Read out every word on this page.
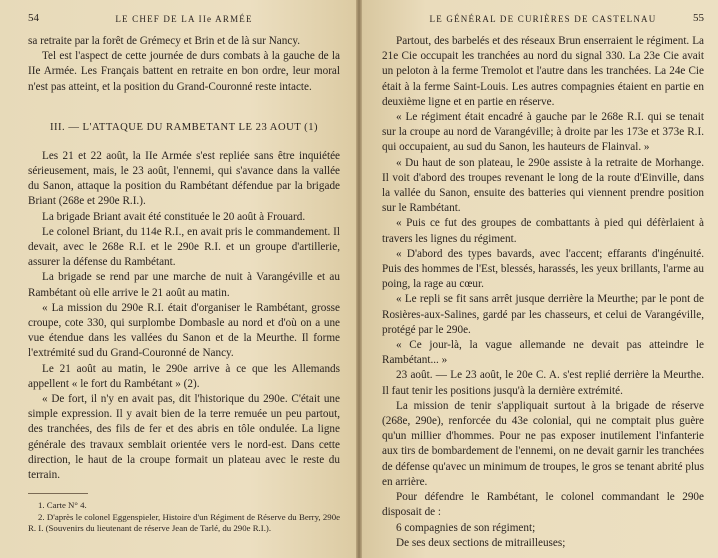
54	LE CHEF DE LA IIe ARMÉE

sa retraite par la forêt de Grémecy et Brin et de là sur Nancy.

Tel est l'aspect de cette journée de durs combats à la gauche de la IIe Armée. Les Français battent en retraite en bon ordre, leur moral n'est pas atteint, et la position du Grand-Couronné reste intacte.

III. — L'ATTAQUE DU RAMBETANT LE 23 AOUT (1)

Les 21 et 22 août, la IIe Armée s'est repliée sans être inquiétée sérieusement, mais, le 23 août, l'ennemi, qui s'avance dans la vallée du Sanon, attaque la position du Rambétant défendue par la brigade Briant (268e et 290e R.I.).

La brigade Briant avait été constituée le 20 août à Frouard.

Le colonel Briant, du 114e R.I., en avait pris le commandement. Il devait, avec le 268e R.I. et le 290e R.I. et un groupe d'artillerie, assurer la défense du Rambétant.

La brigade se rend par une marche de nuit à Varangéville et au Rambétant où elle arrive le 21 août au matin.

« La mission du 290e R.I. était d'organiser le Rambétant, grosse croupe, cote 330, qui surplombe Dombasle au nord et d'où on a une vue étendue dans les vallées du Sanon et de la Meurthe. Il forme l'extrémité sud du Grand-Couronné de Nancy.

Le 21 août au matin, le 290e arrive à ce que les Allemands appellent « le fort du Rambétant » (2).

« De fort, il n'y en avait pas, dit l'historique du 290e. C'était une simple expression. Il y avait bien de la terre remuée un peu partout, des tranchées, des fils de fer et des abris en tôle ondulée. La ligne générale des travaux semblait orientée vers le nord-est. Dans cette direction, le haut de la croupe formait un plateau avec le reste du terrain.

1. Carte N° 4.

2. D'après le colonel Eggenspieler, Histoire d'un Régiment de Réserve du Berry, 290e R. I. (Souvenirs du lieutenant de réserve Jean de Tarlé, du 290e R.I.).

LE GÉNÉRAL DE CURIÈRES DE CASTELNAU	55

Partout, des barbelés et des réseaux Brun enserraient le régiment. La 21e Cie occupait les tranchées au nord du signal 330. La 23e Cie avait un peloton à la ferme Tremolot et l'autre dans les tranchées. La 24e Cie était à la ferme Saint-Louis. Les autres compagnies étaient en partie en deuxième ligne et en partie en réserve.

« Le régiment était encadré à gauche par le 268e R.I. qui se tenait sur la croupe au nord de Varangéville; à droite par les 173e et 373e R.I. qui occupaient, au sud du Sanon, les hauteurs de Flainval. »

« Du haut de son plateau, le 290e assiste à la retraite de Morhange. Il voit d'abord des troupes revenant le long de la route d'Einville, dans la vallée du Sanon, ensuite des batteries qui viennent prendre position sur le Rambétant.

« Puis ce fut des groupes de combattants à pied qui défèrlaient à travers les lignes du régiment.

« D'abord des types bavards, avec l'accent; effarants d'ingénuité. Puis des hommes de l'Est, blessés, harassés, les yeux brillants, l'arme au poing, la rage au cœur.

« Le repli se fit sans arrêt jusque derrière la Meurthe; par le pont de Rosières-aux-Salines, gardé par les chasseurs, et celui de Varangéville, protégé par le 290e.

« Ce jour-là, la vague allemande ne devait pas atteindre le Rambétant... »

23 août. — Le 23 août, le 20e C. A. s'est replié derrière la Meurthe. Il faut tenir les positions jusqu'à la dernière extrémité.

La mission de tenir s'appliquait surtout à la brigade de réserve (268e, 290e), renforcée du 43e colonial, qui ne comptait plus guère qu'un millier d'hommes. Pour ne pas exposer inutilement l'infanterie aux tirs de bombardement de l'ennemi, on ne devait garnir les tranchées de défense qu'avec un minimum de troupes, le gros se tenant abrité plus en arrière.

Pour défendre le Rambétant, le colonel commandant le 290e disposait de :

6 compagnies de son régiment;

De ses deux sections de mitrailleuses;
